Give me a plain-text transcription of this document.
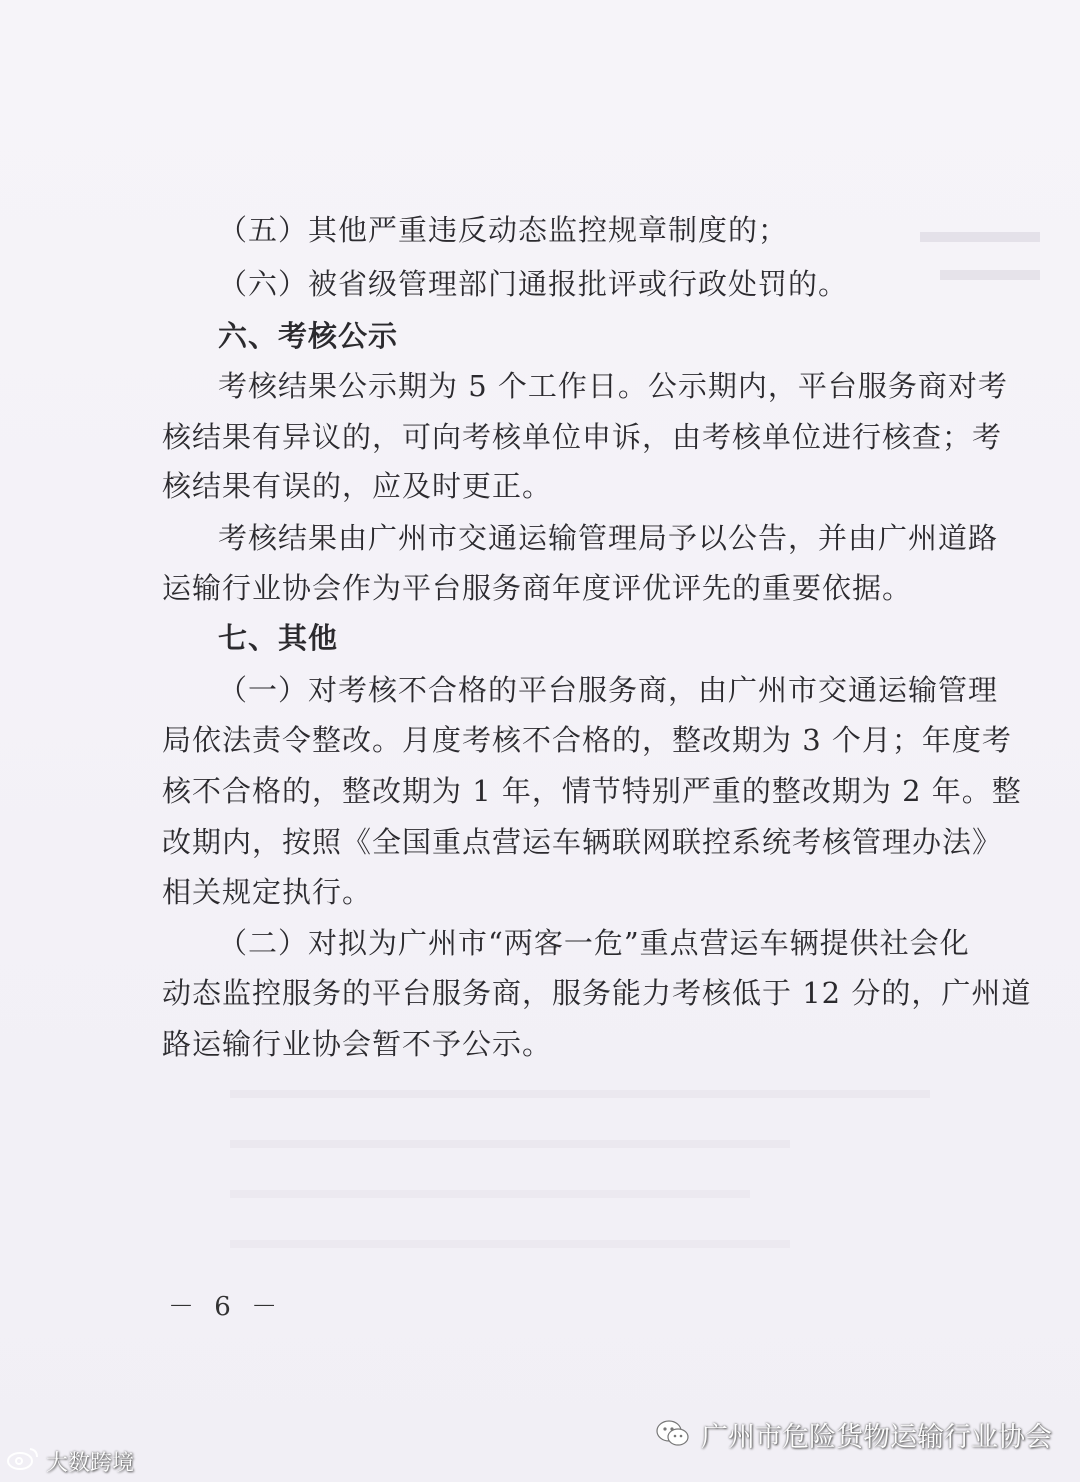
（五）其他严重违反动态监控规章制度的；
（六）被省级管理部门通报批评或行政处罚的。
六、考核公示
考核结果公示期为 5 个工作日。公示期内，平台服务商对考
核结果有异议的，可向考核单位申诉，由考核单位进行核查；考
核结果有误的，应及时更正。
考核结果由广州市交通运输管理局予以公告，并由广州道路
运输行业协会作为平台服务商年度评优评先的重要依据。
七、其他
（一）对考核不合格的平台服务商，由广州市交通运输管理
局依法责令整改。月度考核不合格的，整改期为 3 个月；年度考
核不合格的，整改期为 1 年，情节特别严重的整改期为 2 年。整
改期内，按照《全国重点营运车辆联网联控系统考核管理办法》
相关规定执行。
（二）对拟为广州市“两客一危”重点营运车辆提供社会化
动态监控服务的平台服务商，服务能力考核低于 12 分的，广州道
路运输行业协会暂不予公示。
－ 6 －
广州市危险货物运输行业协会
大数跨境
